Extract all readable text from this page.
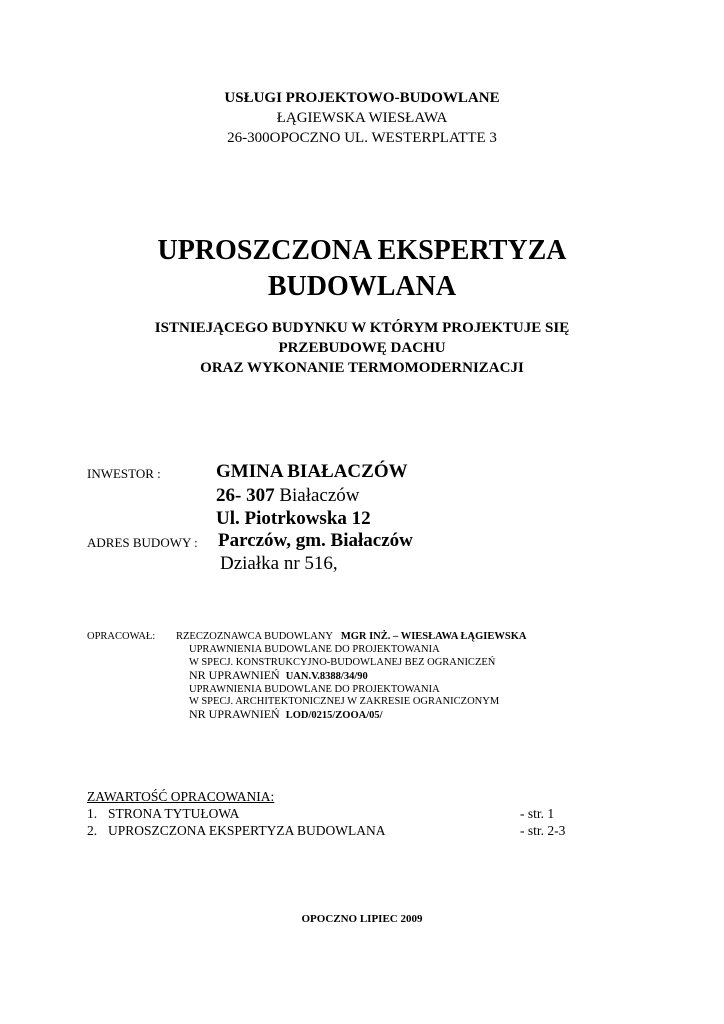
USŁUGI PROJEKTOWO-BUDOWLANE
ŁĄGIEWSKA WIESŁAWA
26-300OPOCZNO UL. WESTERPLATTE 3
UPROSZCZONA EKSPERTYZA
BUDOWLANA
ISTNIEJĄCEGO BUDYNKU W KTÓRYM PROJEKTUJE SIĘ
PRZEBUDOWĘ DACHU
ORAZ WYKONANIE TERMOMODERNIZACJI
INWESTOR :	GMINA BIAŁACZÓW
26- 307 Białaczów
Ul. Piotrkowska 12
ADRES BUDOWY : Parczów, gm. Białaczów
Działka nr 516,
OPRACOWAŁ: RZECZOZNAWCA BUDOWLANY MGR INŻ. – WIESŁAWA ŁĄGIEWSKA
UPRAWNIENIA BUDOWLANE DO PROJEKTOWANIA
W SPECJ. KONSTRUKCYJNO-BUDOWLANEJ BEZ OGRANICZEŃ
NR UPRAWNIEŃ UAN.V.8388/34/90
UPRAWNIENIA BUDOWLANE DO PROJEKTOWANIA
W SPECJ. ARCHITEKTONICZNEJ W ZAKRESIE OGRANICZONYM
NR UPRAWNIEŃ LOD/0215/ZOOA/05/
ZAWARTOŚĆ OPRACOWANIA:
1. STRONA TYTUŁOWA	- str. 1
2. UPROSZCZONA EKSPERTYZA BUDOWLANA	- str. 2-3
OPOCZNO LIPIEC 2009
